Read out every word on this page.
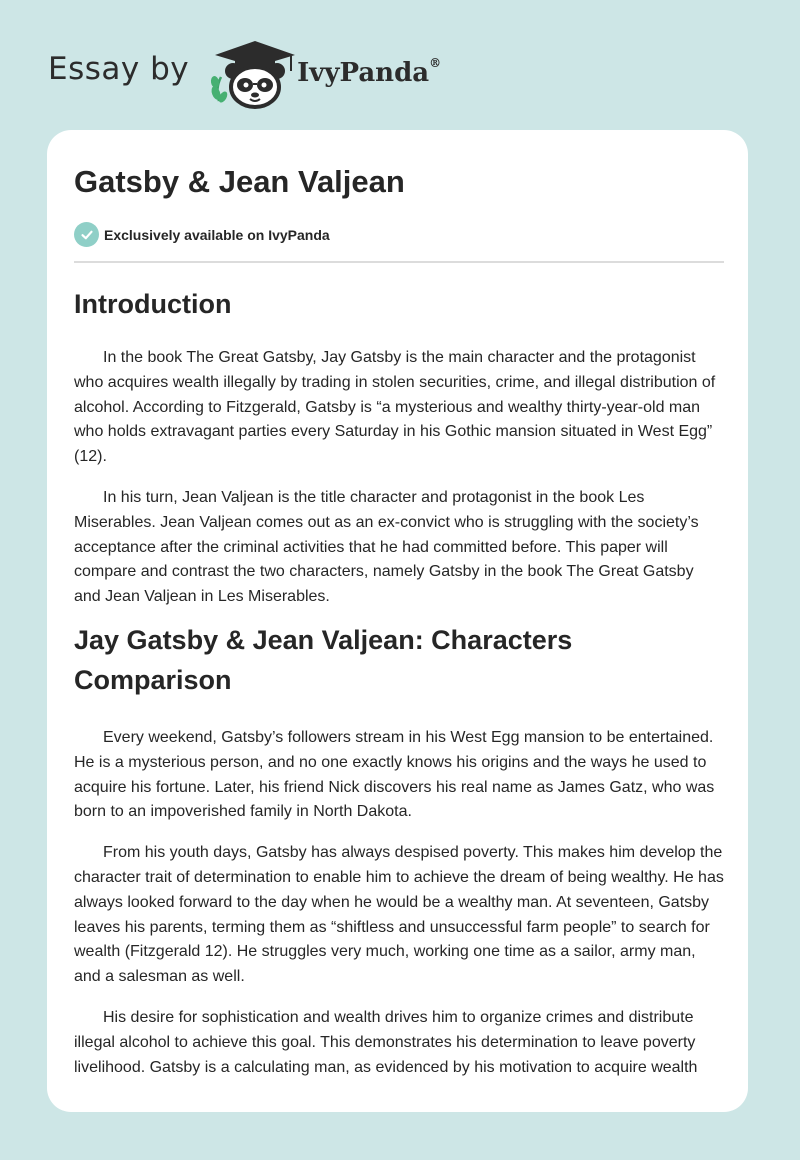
Essay by	IvyPanda®
Gatsby & Jean Valjean
Exclusively available on IvyPanda
Introduction

In the book The Great Gatsby, Jay Gatsby is the main character and the protagonist who acquires wealth illegally by trading in stolen securities, crime, and illegal distribution of alcohol. According to Fitzgerald, Gatsby is “a mysterious and wealthy thirty-year-old man who holds extravagant parties every Saturday in his Gothic mansion situated in West Egg” (12).

In his turn, Jean Valjean is the title character and protagonist in the book Les Miserables. Jean Valjean comes out as an ex-convict who is struggling with the society’s acceptance after the criminal activities that he had committed before. This paper will compare and contrast the two characters, namely Gatsby in the book The Great Gatsby and Jean Valjean in Les Miserables.

Jay Gatsby & Jean Valjean: Characters Comparison

Every weekend, Gatsby’s followers stream in his West Egg mansion to be entertained. He is a mysterious person, and no one exactly knows his origins and the ways he used to acquire his fortune. Later, his friend Nick discovers his real name as James Gatz, who was born to an impoverished family in North Dakota.

From his youth days, Gatsby has always despised poverty. This makes him develop the character trait of determination to enable him to achieve the dream of being wealthy. He has always looked forward to the day when he would be a wealthy man. At seventeen, Gatsby leaves his parents, terming them as “shiftless and unsuccessful farm people” to search for wealth (Fitzgerald 12). He struggles very much, working one time as a sailor, army man, and a salesman as well.

His desire for sophistication and wealth drives him to organize crimes and distribute illegal alcohol to achieve this goal. This demonstrates his determination to leave poverty livelihood. Gatsby is a calculating man, as evidenced by his motivation to acquire wealth
